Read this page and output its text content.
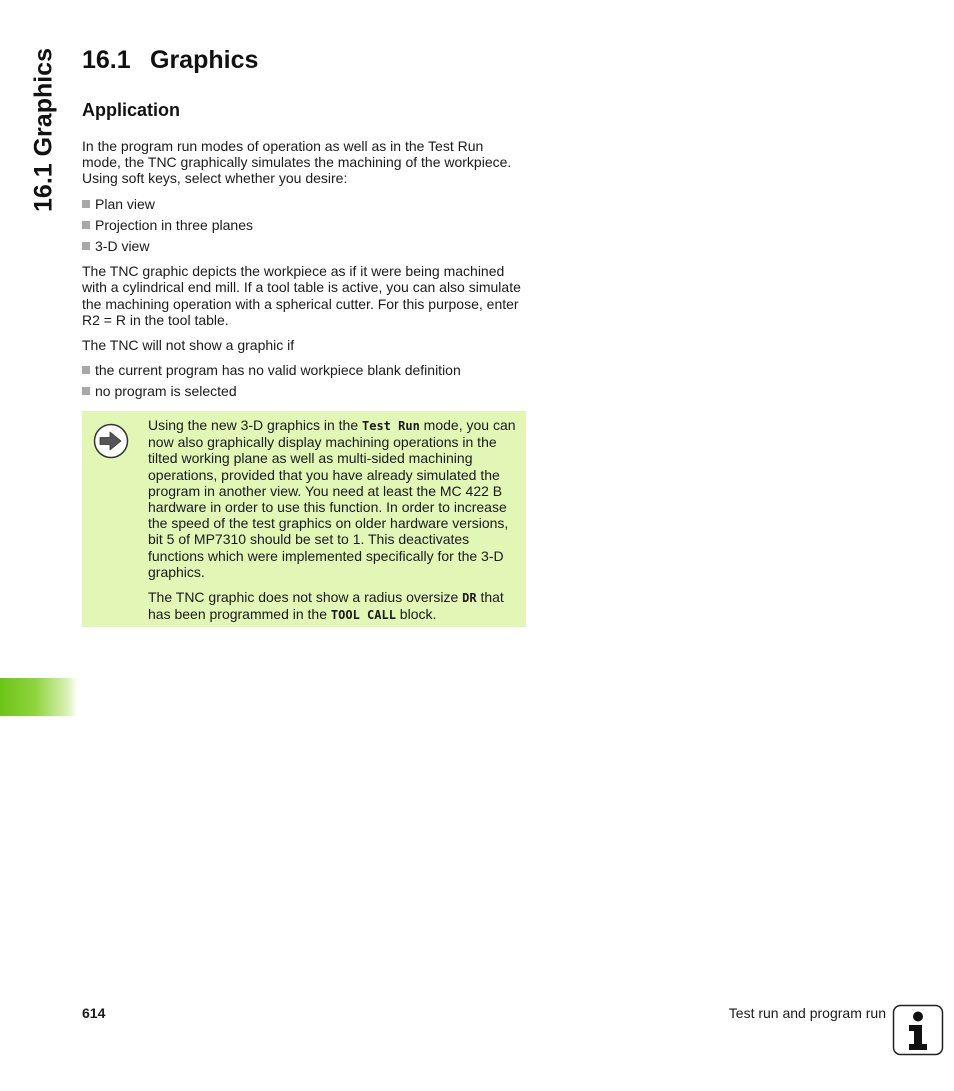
16.1 Graphics 16.1 Graphics
Application

In the program run modes of operation as well as in the Test Run mode, the TNC graphically simulates the machining of the workpiece. Using soft keys, select whether you desire:

Plan view
Projection in three planes
3-D view

The TNC graphic depicts the workpiece as if it were being machined with a cylindrical end mill. If a tool table is active, you can also simulate the machining operation with a spherical cutter. For this purpose, enter R2 = R in the tool table.

The TNC will not show a graphic if

the current program has no valid workpiece blank definition
no program is selected

Using the new 3-D graphics in the Test Run mode, you can now also graphically display machining operations in the tilted working plane as well as multi-sided machining operations, provided that you have already simulated the program in another view. You need at least the MC 422 B hardware in order to use this function. In order to increase the speed of the test graphics on older hardware versions, bit 5 of MP7310 should be set to 1. This deactivates functions which were implemented specifically for the 3-D graphics.

The TNC graphic does not show a radius oversize DR that has been programmed in the TOOL CALL block.

614	Test run and program run
